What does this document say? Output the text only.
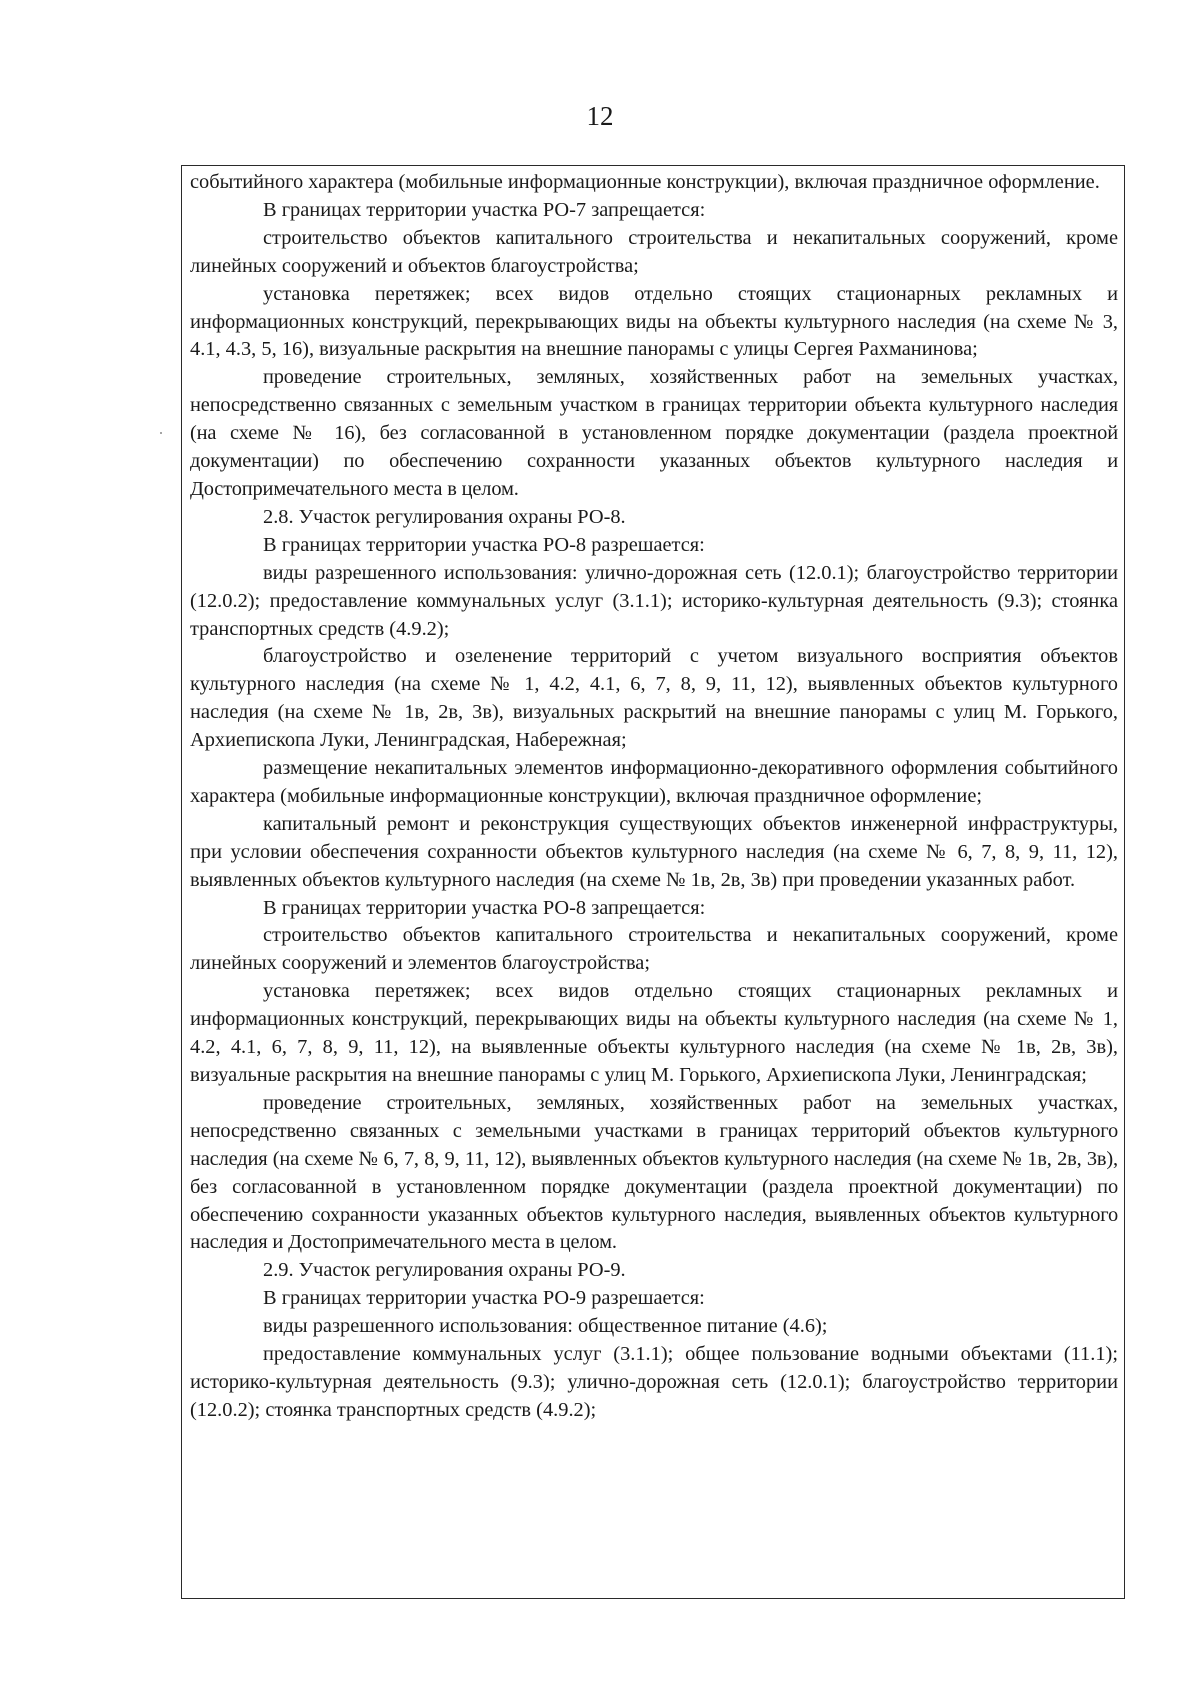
12

событийного характера (мобильные информационные конструкции), включая праздничное оформление.

В границах территории участка РО-7 запрещается:

строительство объектов капитального строительства и некапитальных сооружений, кроме линейных сооружений и объектов благоустройства;

установка перетяжек; всех видов отдельно стоящих стационарных рекламных и информационных конструкций, перекрывающих виды на объекты культурного наследия (на схеме № 3, 4.1, 4.3, 5, 16), визуальные раскрытия на внешние панорамы с улицы Сергея Рахманинова;

проведение строительных, земляных, хозяйственных работ на земельных участках, непосредственно связанных с земельным участком в границах территории объекта культурного наследия (на схеме № 16), без согласованной в установленном порядке документации (раздела проектной документации) по обеспечению сохранности указанных объектов культурного наследия и Достопримечательного места в целом.

2.8. Участок регулирования охраны РО-8.

В границах территории участка РО-8 разрешается:

виды разрешенного использования: улично-дорожная сеть (12.0.1); благоустройство территории (12.0.2); предоставление коммунальных услуг (3.1.1); историко-культурная деятельность (9.3); стоянка транспортных средств (4.9.2);

благоустройство и озеленение территорий с учетом визуального восприятия объектов культурного наследия (на схеме № 1, 4.2, 4.1, 6, 7, 8, 9, 11, 12), выявленных объектов культурного наследия (на схеме № 1в, 2в, 3в), визуальных раскрытий на внешние панорамы с улиц М. Горького, Архиепископа Луки, Ленинградская, Набережная;

размещение некапитальных элементов информационно-декоративного оформления событийного характера (мобильные информационные конструкции), включая праздничное оформление;

капитальный ремонт и реконструкция существующих объектов инженерной инфраструктуры, при условии обеспечения сохранности объектов культурного наследия (на схеме № 6, 7, 8, 9, 11, 12), выявленных объектов культурного наследия (на схеме № 1в, 2в, 3в) при проведении указанных работ.

В границах территории участка РО-8 запрещается:

строительство объектов капитального строительства и некапитальных сооружений, кроме линейных сооружений и элементов благоустройства;

установка перетяжек; всех видов отдельно стоящих стационарных рекламных и информационных конструкций, перекрывающих виды на объекты культурного наследия (на схеме № 1, 4.2, 4.1, 6, 7, 8, 9, 11, 12), на выявленные объекты культурного наследия (на схеме № 1в, 2в, 3в), визуальные раскрытия на внешние панорамы с улиц М. Горького, Архиепископа Луки, Ленинградская;

проведение строительных, земляных, хозяйственных работ на земельных участках, непосредственно связанных с земельными участками в границах территорий объектов культурного наследия (на схеме № 6, 7, 8, 9, 11, 12), выявленных объектов культурного наследия (на схеме № 1в, 2в, 3в), без согласованной в установленном порядке документации (раздела проектной документации) по обеспечению сохранности указанных объектов культурного наследия, выявленных объектов культурного наследия и Достопримечательного места в целом.

2.9. Участок регулирования охраны РО-9.

В границах территории участка РО-9 разрешается:

виды разрешенного использования: общественное питание (4.6);

предоставление коммунальных услуг (3.1.1); общее пользование водными объектами (11.1); историко-культурная деятельность (9.3); улично-дорожная сеть (12.0.1); благоустройство территории (12.0.2); стоянка транспортных средств (4.9.2);
